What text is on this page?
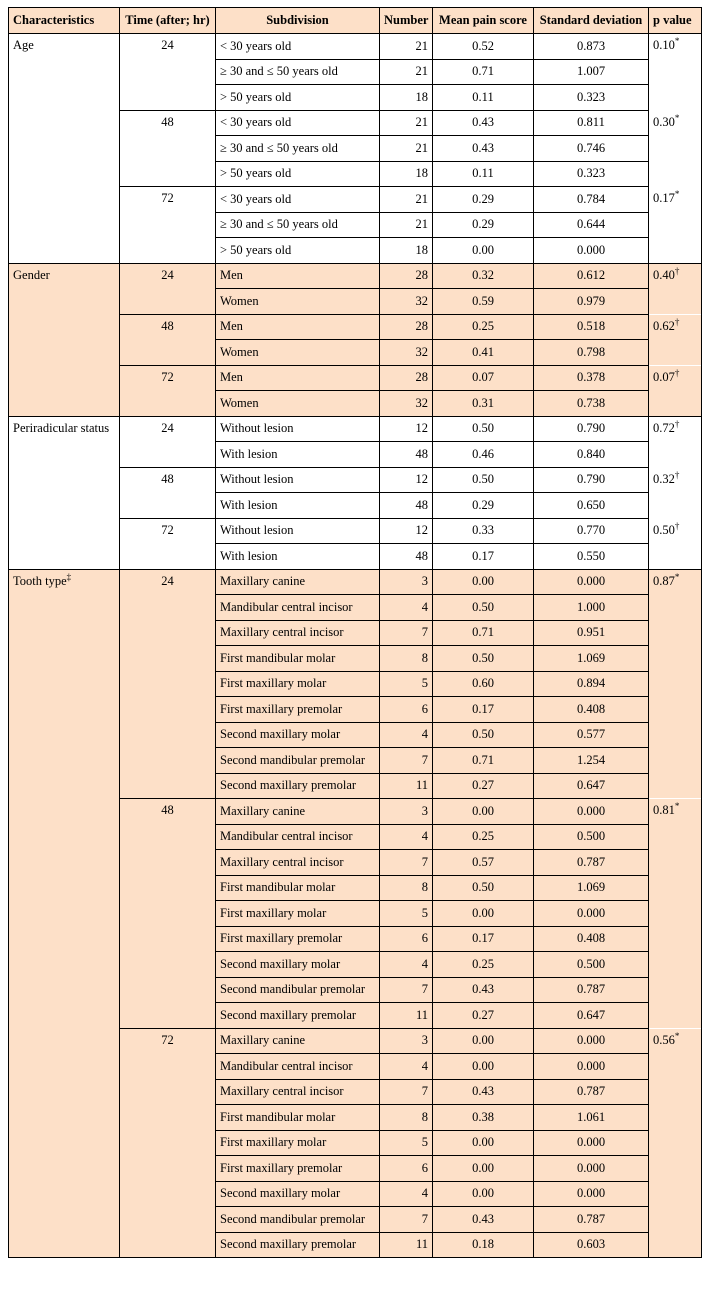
Characteristics	Time (after; hr)	Subdivision	Number	Mean pain score	Standard deviation	p value
Age	24	< 30 years old	21	0.52	0.873	0.10*
		≥ 30 and ≤ 50 years old	21	0.71	1.007	
		> 50 years old	18	0.11	0.323	
	48	< 30 years old	21	0.43	0.811	0.30*
		≥ 30 and ≤ 50 years old	21	0.43	0.746	
		> 50 years old	18	0.11	0.323	
	72	< 30 years old	21	0.29	0.784	0.17*
		≥ 30 and ≤ 50 years old	21	0.29	0.644	
		> 50 years old	18	0.00	0.000	
Gender	24	Men	28	0.32	0.612	0.40†
		Women	32	0.59	0.979	
	48	Men	28	0.25	0.518	0.62†
		Women	32	0.41	0.798	
	72	Men	28	0.07	0.378	0.07†
		Women	32	0.31	0.738	
Periradicular status	24	Without lesion	12	0.50	0.790	0.72†
		With lesion	48	0.46	0.840	
	48	Without lesion	12	0.50	0.790	0.32†
		With lesion	48	0.29	0.650	
	72	Without lesion	12	0.33	0.770	0.50†
		With lesion	48	0.17	0.550	
Tooth type‡	24	Maxillary canine	3	0.00	0.000	0.87*
		Mandibular central incisor	4	0.50	1.000	
		Maxillary central incisor	7	0.71	0.951	
		First mandibular molar	8	0.50	1.069	
		First maxillary molar	5	0.60	0.894	
		First maxillary premolar	6	0.17	0.408	
		Second maxillary molar	4	0.50	0.577	
		Second mandibular premolar	7	0.71	1.254	
		Second maxillary premolar	11	0.27	0.647	
	48	Maxillary canine	3	0.00	0.000	0.81*
		Mandibular central incisor	4	0.25	0.500	
		Maxillary central incisor	7	0.57	0.787	
		First mandibular molar	8	0.50	1.069	
		First maxillary molar	5	0.00	0.000	
		First maxillary premolar	6	0.17	0.408	
		Second maxillary molar	4	0.25	0.500	
		Second mandibular premolar	7	0.43	0.787	
		Second maxillary premolar	11	0.27	0.647	
	72	Maxillary canine	3	0.00	0.000	0.56*
		Mandibular central incisor	4	0.00	0.000	
		Maxillary central incisor	7	0.43	0.787	
		First mandibular molar	8	0.38	1.061	
		First maxillary molar	5	0.00	0.000	
		First maxillary premolar	6	0.00	0.000	
		Second maxillary molar	4	0.00	0.000	
		Second mandibular premolar	7	0.43	0.787	
		Second maxillary premolar	11	0.18	0.603	
